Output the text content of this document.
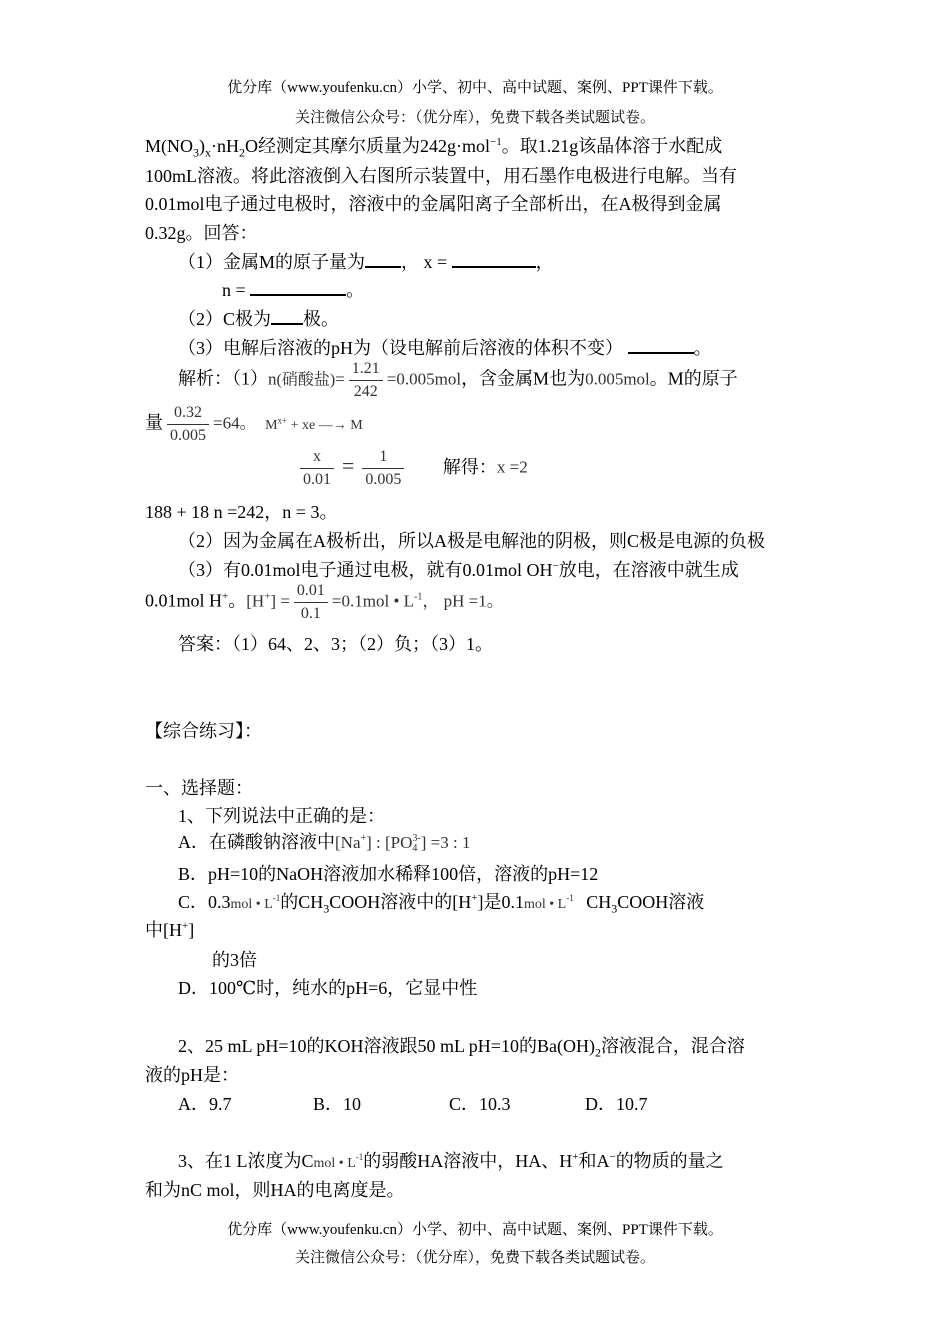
优分库（www.youfenku.cn）小学、初中、高中试题、案例、PPT课件下载。
关注微信公众号：（优分库），免费下载各类试题试卷。
$M(NO_3)_x\cdot nH_2O$经测定其摩尔质量为242g·mol$^{-1}$。取1.21g该晶体溶于水配成
100mL溶液。将此溶液倒入右图所示装置中，用石墨作电极进行电解。当有
0.01mol电子通过电极时，溶液中的金属阳离子全部析出，在A极得到金属
0.32g。回答：
（1）金属M的原子量为 ， x =	，
n =	。
（2）C极为 极。
（3）电解后溶液的pH为（设电解前后溶液的体积不变）	。
解析：（1）n(硝酸盐)= $\frac{1.21}{242} =0.005mol$，含金属M也为0.005mol。M的原子
量 $\frac{0.32}{0.005} =64$。 $M^{x+}$ + xe —→ M
$\frac{x}{0.01} = \frac{1}{0.005}$ 解得：x =2
188 + 18 n =242，n = 3。
（2）因为金属在A极析出，所以A极是电解池的阴极，则C极是电源的负极
（3）有0.01mol电子通过电极，就有0.01mol OH−放电，在溶液中就生成
0.01mol H+。$[H^+] = \frac{0.01}{0.1} =0.1mol$ • $L^{-1}$， pH =1。
答案：（1）64、2、3；（2）负；（3）1。
【综合练习】：
一、选择题：
1、下列说法中正确的是：
A．在磷酸钠溶液中[Na+] : [PO 3-
4 ] =3 : 1
B．pH=10的NaOH溶液加水稀释100倍，溶液的pH=12
C．0.3mol • $L^{-1}$的$CH_3COOH$溶液中的[H+]是0.1mol • $L^{-1}$ $CH_3COOH$溶液
中[H+]
的3倍
D．100℃时，纯水的pH=6，它显中性
2、25 mL pH=10的KOH溶液跟50 mL pH=10的$Ba(OH)_2$溶液混合，混合溶
液的pH是：
A．9.7	B．10	C．10.3	D．10.7
3、在1 L浓度为Cmol • $L^{-1}$的弱酸HA溶液中，HA、H+和A−的物质的量之
和为nC mol，则HA的电离度是。
优分库（www.youfenku.cn）小学、初中、高中试题、案例、PPT课件下载。
关注微信公众号：（优分库），免费下载各类试题试卷。
